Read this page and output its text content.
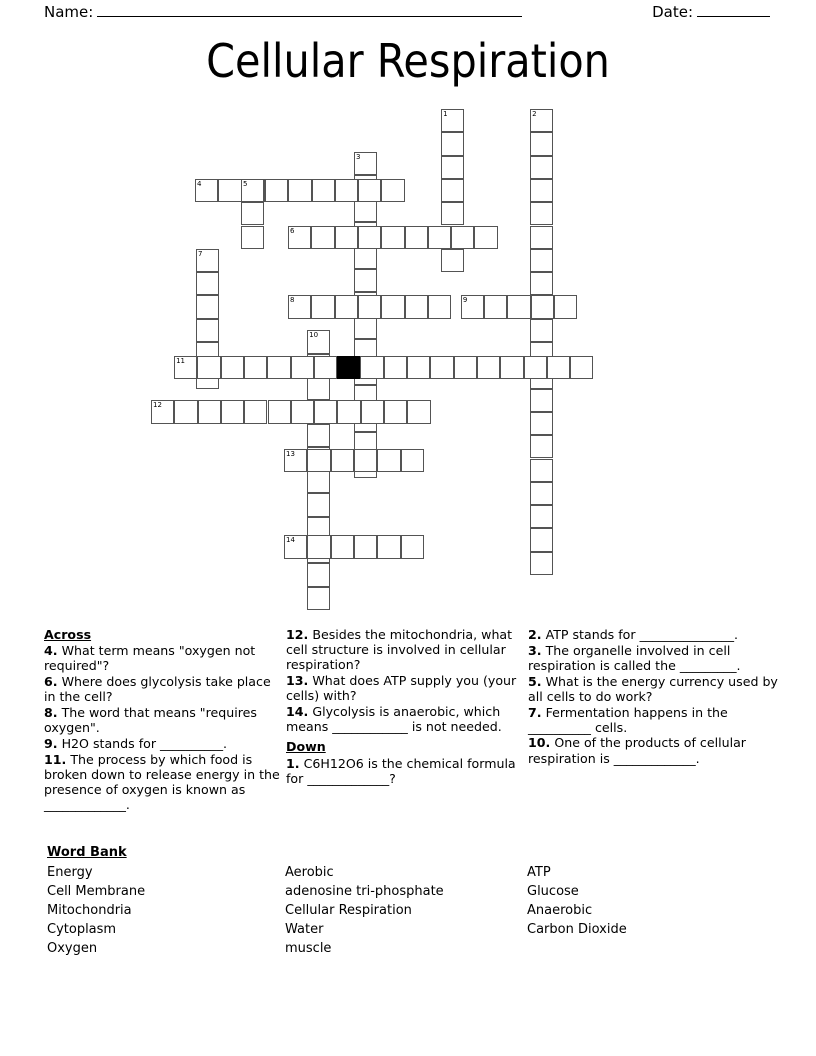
Name:	Date:
Cellular Respiration
1	2
3
4	5
6
7
8	9
10
11
12
13
14
Across
4. What term means "oxygen not required"?
6. Where does glycolysis take place in the cell?
8. The word that means "requires oxygen".
9. H2O stands for __________.
11. The process by which food is broken down to release energy in the presence of oxygen is known as _____________.
12. Besides the mitochondria, what cell structure is involved in cellular respiration?
13. What does ATP supply you (your cells) with?
14. Glycolysis is anaerobic, which means ____________ is not needed.
Down
1. C6H12O6 is the chemical formula for _____________?
2. ATP stands for _______________.
3. The organelle involved in cell respiration is called the _________.
5. What is the energy currency used by all cells to do work?
7. Fermentation happens in the __________ cells.
10. One of the products of cellular respiration is _____________.
Word Bank
Energy
Cell Membrane
Mitochondria
Cytoplasm
Oxygen
Aerobic
adenosine tri-phosphate
Cellular Respiration
Water
muscle
ATP
Glucose
Anaerobic
Carbon Dioxide
